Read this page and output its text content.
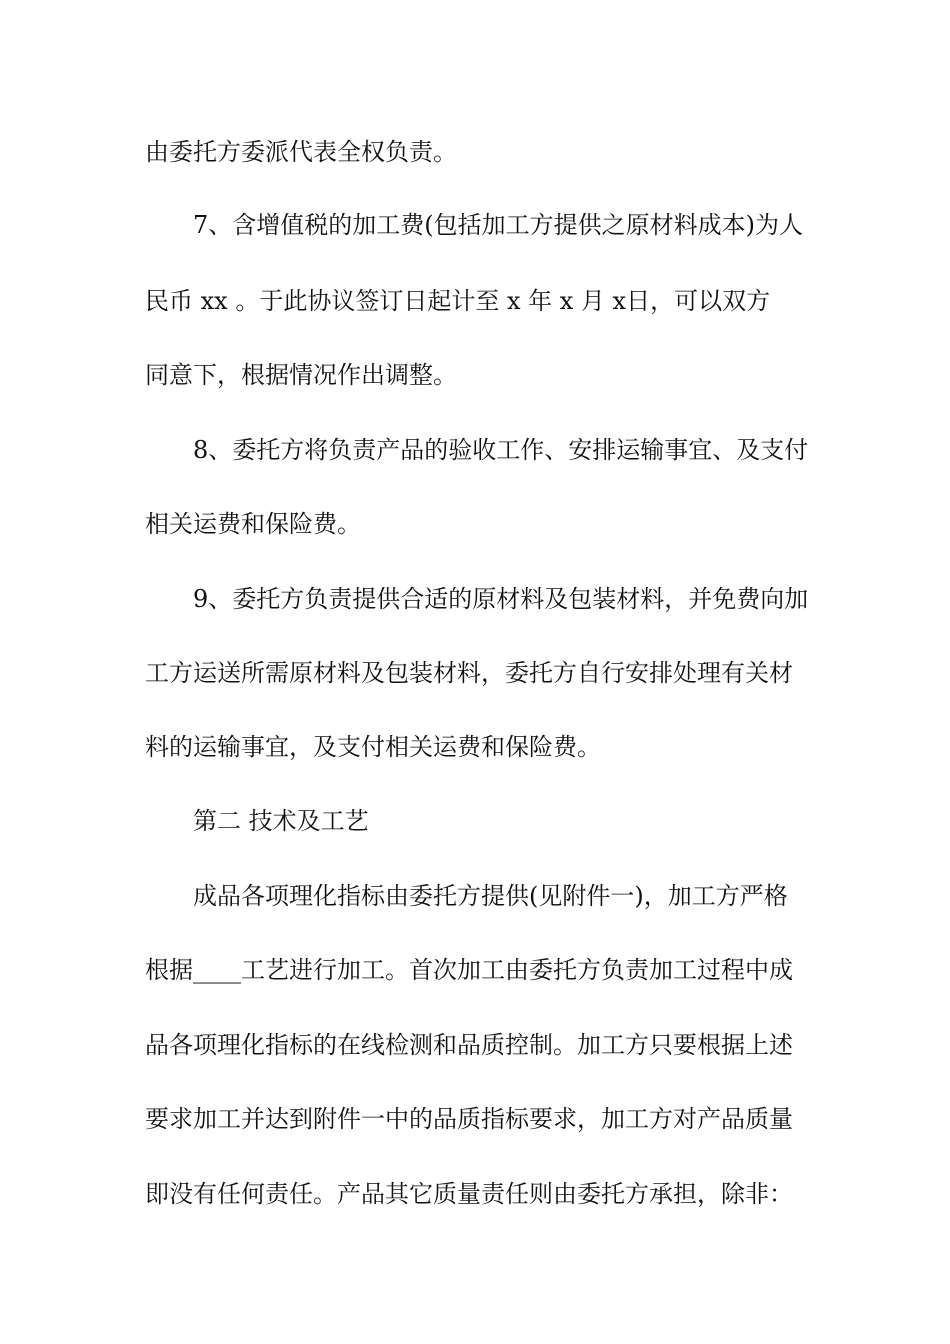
由委托方委派代表全权负责。
7、含增值税的加工费(包括加工方提供之原材料成本)为人
民币 xx 。于此协议签订日起计至 x 年 x 月 x日，可以双方
同意下，根据情况作出调整。
8、委托方将负责产品的验收工作、安排运输事宜、及支付
相关运费和保险费。
9、委托方负责提供合适的原材料及包装材料，并免费向加
工方运送所需原材料及包装材料，委托方自行安排处理有关材
料的运输事宜，及支付相关运费和保险费。
第二 技术及工艺
成品各项理化指标由委托方提供(见附件一)，加工方严格
根据____工艺进行加工。首次加工由委托方负责加工过程中成
品各项理化指标的在线检测和品质控制。加工方只要根据上述
要求加工并达到附件一中的品质指标要求，加工方对产品质量
即没有任何责任。产品其它质量责任则由委托方承担，除非：
